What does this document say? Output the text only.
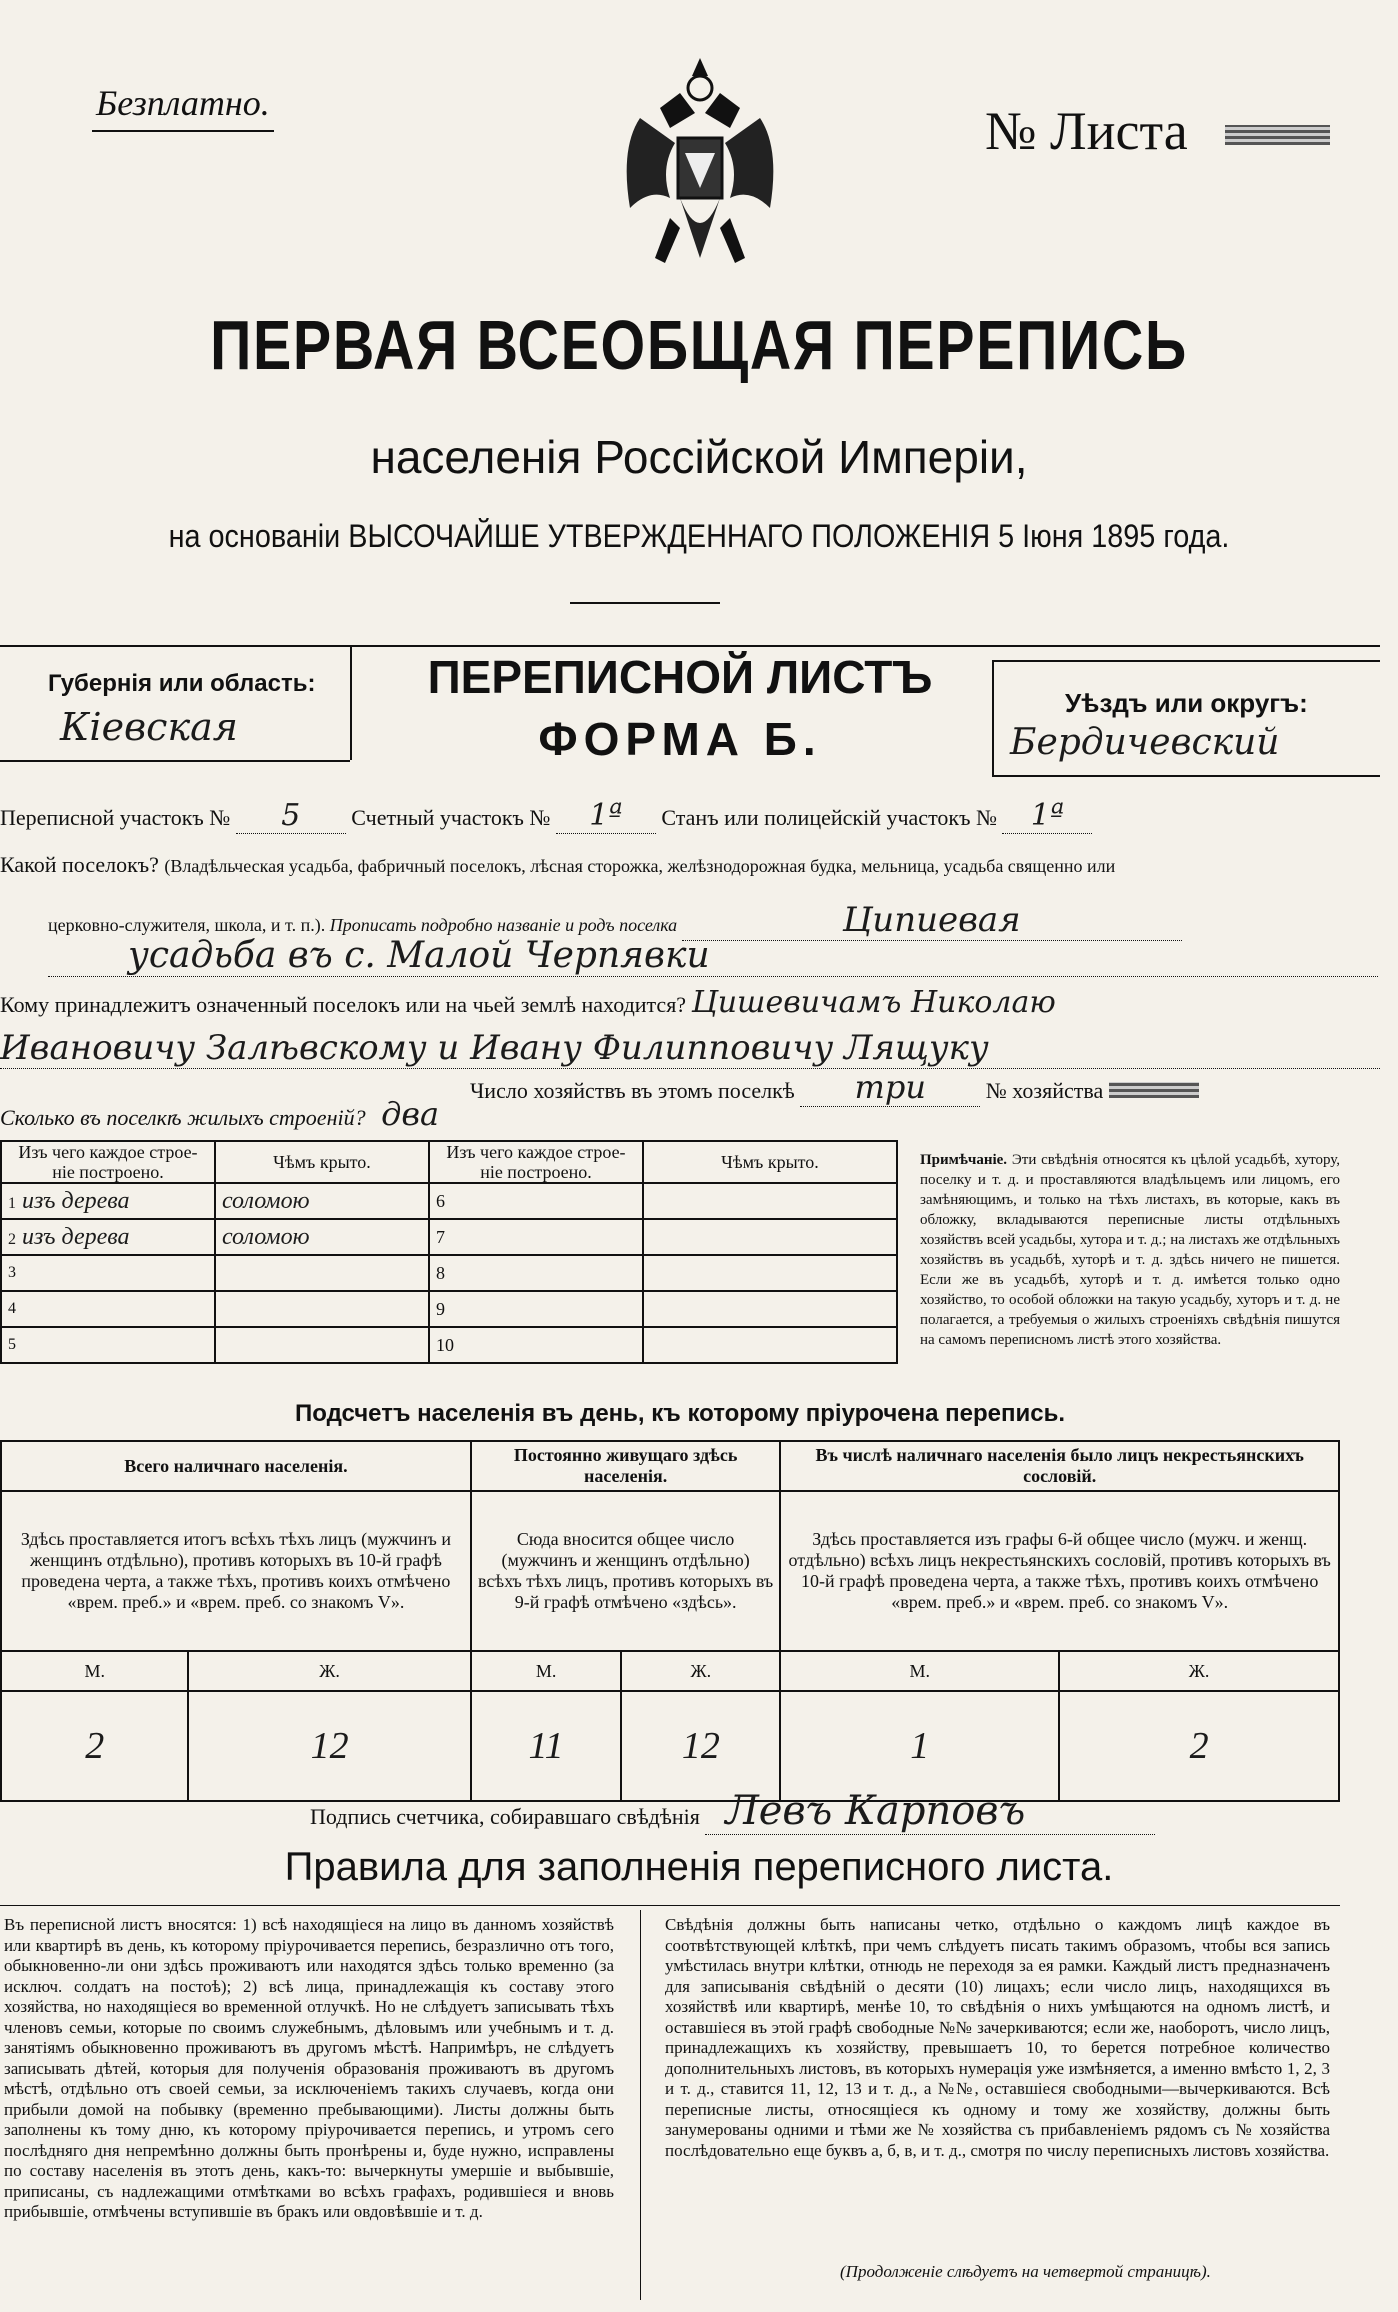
Безплатно.	№ Листа
ПЕРВАЯ ВСЕОБЩАЯ ПЕРЕПИСЬ
населенія Россійской Имперіи,
на основаніи ВЫСОЧАЙШЕ УТВЕРЖДЕННАГО ПОЛОЖЕНІЯ 5 Іюня 1895 года.
Губернія или область:
Кіевская
ПЕРЕПИСНОЙ ЛИСТЪ
ФОРМА Б.
Уѣздъ или округъ:
Бердичевский
Переписной участокъ № 5 Счетный участокъ № 1ª Станъ или полицейскій участокъ № 1ª
Какой поселокъ? (Владѣльческая усадьба, фабричный поселокъ, лѣсная сторожка, желѣзнодорожная будка, мельница, усадьба священно или
церковно-служителя, школа, и т. п.). Прописать подробно названіе и родъ поселка	Ципиевая
усадьба въ с. Малой Черпявки
Кому принадлежитъ означенный поселокъ или на чьей землѣ находится? Цишевичамъ Николаю
Ивановичу Залѣвскому и Ивану Филипповичу Лящуку
Число хозяйствъ въ этомъ поселкѣ три	№ хозяйства
Сколько въ поселкѣ жилыхъ строеній? два
Изъ чего каждое строе-ніе построено.	Чѣмъ крыто.	Изъ чего каждое строе-ніе построено.	Чѣмъ крыто.
1 изъ дерева	соломою	6	
2 изъ дерева	соломою	7	
3		8	
4		9	
5		10	
Примѣчаніе. Эти свѣдѣнія относятся къ цѣлой усадьбѣ, хутору, поселку и т. д. и проставляются владѣльцемъ или лицомъ, его замѣняющимъ, и только на тѣхъ листахъ, въ которые, какъ въ обложку, вкладываются переписные листы отдѣльныхъ хозяйствъ всей усадьбы, хутора и т. д.; на листахъ же отдѣльныхъ хозяйствъ въ усадьбѣ, хуторѣ и т. д. здѣсь ничего не пишется. Если же въ усадьбѣ, хуторѣ и т. д. имѣется только одно хозяйство, то особой обложки на такую усадьбу, хуторъ и т. д. не полагается, а требуемыя о жилыхъ строеніяхъ свѣдѣнія пишутся на самомъ переписномъ листѣ этого хозяйства.
Подсчетъ населенія въ день, къ которому пріурочена перепись.
Всего наличнаго населенія.		Постоянно живущаго здѣсь населенія.		Въ числѣ наличнаго населенія было лицъ некрестьянскихъ сословій.	
Здѣсь проставляется итогъ всѣхъ тѣхъ лицъ (мужчинъ и женщинъ отдѣльно), противъ которыхъ въ 10-й графѣ проведена черта, а также тѣхъ, противъ коихъ отмѣчено «врем. преб.» и «врем. преб. со знакомъ V».		Сюда вносится общее число (мужчинъ и женщинъ отдѣльно) всѣхъ тѣхъ лицъ, противъ которыхъ въ 9-й графѣ отмѣчено «здѣсь».		Здѣсь проставляется изъ графы 6-й общее число (мужч. и женщ. отдѣльно) всѣхъ лицъ некрестьянскихъ сословій, противъ которыхъ въ 10-й графѣ проведена черта, а также тѣхъ, противъ коихъ отмѣчено «врем. преб.» и «врем. преб. со знакомъ V».	
М.	Ж.	М.	Ж.	М.	Ж.
2	12	11	12	1	2
Подпись счетчика, собиравшаго свѣдѣнія Левъ Карповъ
Правила для заполненія переписного листа.
Въ переписной листъ вносятся: 1) всѣ находящіеся на лицо въ данномъ хозяйствѣ или квартирѣ въ день, къ которому пріурочивается перепись, безразлично отъ того, обыкновенно-ли они здѣсь проживаютъ или находятся здѣсь только временно (за исключ. солдатъ на постоѣ); 2) всѣ лица, принадлежащія къ составу этого хозяйства, но находящіеся во временной отлучкѣ. Но не слѣдуетъ записывать тѣхъ членовъ семьи, которые по своимъ служебнымъ, дѣловымъ или учебнымъ и т. д. занятіямъ обыкновенно проживаютъ въ другомъ мѣстѣ. Напримѣръ, не слѣдуетъ записывать дѣтей, которыя для полученія образованія проживаютъ въ другомъ мѣстѣ, отдѣльно отъ своей семьи, за исключеніемъ такихъ случаевъ, когда они прибыли домой на побывку (временно пребывающими). Листы должны быть заполнены къ тому дню, къ которому пріурочивается перепись, и утромъ сего послѣдняго дня непремѣнно должны быть пронѣрены и, буде нужно, исправлены по составу населенія въ этотъ день, какъ-то: вычеркнуты умершіе и выбывшіе, приписаны, съ надлежащими отмѣтками во всѣхъ графахъ, родившіеся и вновь прибывшіе, отмѣчены вступившіе въ бракъ или овдовѣвшіе и т. д.
Свѣдѣнія должны быть написаны четко, отдѣльно о каждомъ лицѣ каждое въ соотвѣтствующей клѣткѣ, при чемъ слѣдуетъ писать такимъ образомъ, чтобы вся запись умѣстилась внутри клѣтки, отнюдь не переходя за ея рамки. Каждый листъ предназначенъ для записыванія свѣдѣній о десяти (10) лицахъ; если число лицъ, находящихся въ хозяйствѣ или квартирѣ, менѣе 10, то свѣдѣнія о нихъ умѣщаются на одномъ листѣ, и оставшіеся въ этой графѣ свободные №№ зачеркиваются; если же, наоборотъ, число лицъ, принадлежащихъ къ хозяйству, превышаетъ 10, то берется потребное количество дополнительныхъ листовъ, въ которыхъ нумерація уже измѣняется, а именно вмѣсто 1, 2, 3 и т. д., ставится 11, 12, 13 и т. д., а №№, оставшіеся свободными—вычеркиваются. Всѣ переписные листы, относящіеся къ одному и тому же хозяйству, должны быть занумерованы одними и тѣми же № хозяйства съ прибавленіемъ рядомъ съ № хозяйства послѣдовательно еще буквъ а, б, в, и т. д., смотря по числу переписныхъ листовъ хозяйства.
(Продолженіе слѣдуетъ на четвертой страницѣ).
